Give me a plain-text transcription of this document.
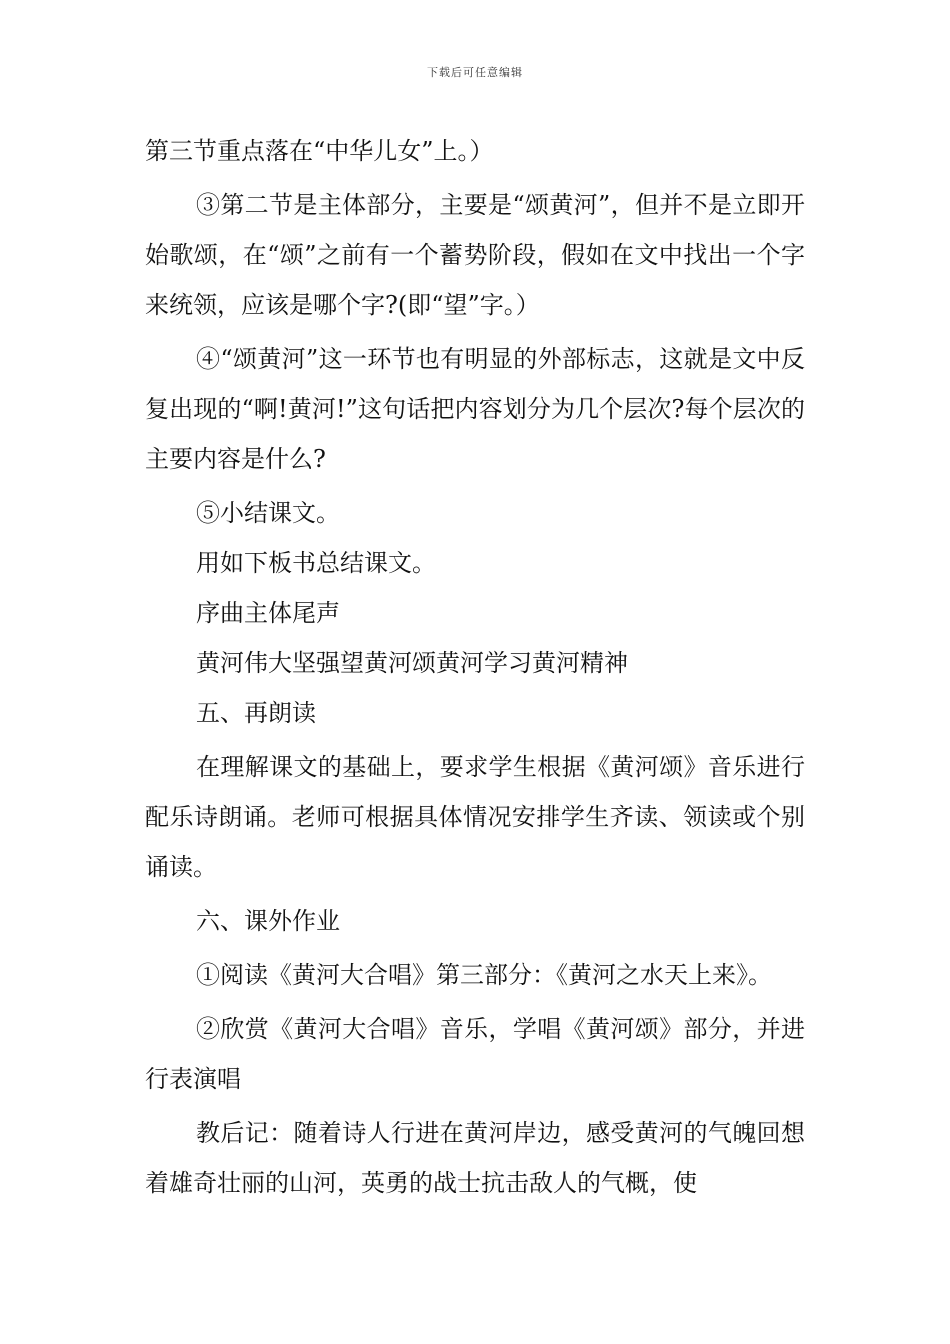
下载后可任意编辑

第三节重点落在“中华儿女”上。）

③第二节是主体部分，主要是“颂黄河”，但并不是立即开始歌颂，在“颂”之前有一个蓄势阶段，假如在文中找出一个字来统领，应该是哪个字?(即“望”字。）

④“颂黄河”这一环节也有明显的外部标志，这就是文中反复出现的“啊!黄河!”这句话把内容划分为几个层次?每个层次的主要内容是什么?

⑤小结课文。

用如下板书总结课文。

序曲主体尾声

黄河伟大坚强望黄河颂黄河学习黄河精神

五、再朗读

在理解课文的基础上，要求学生根据《黄河颂》音乐进行配乐诗朗诵。老师可根据具体情况安排学生齐读、领读或个别诵读。

六、课外作业

①阅读《黄河大合唱》第三部分：《黄河之水天上来》。

②欣赏《黄河大合唱》音乐，学唱《黄河颂》部分，并进行表演唱

教后记：随着诗人行进在黄河岸边，感受黄河的气魄回想着雄奇壮丽的山河，英勇的战士抗击敌人的气概，使
